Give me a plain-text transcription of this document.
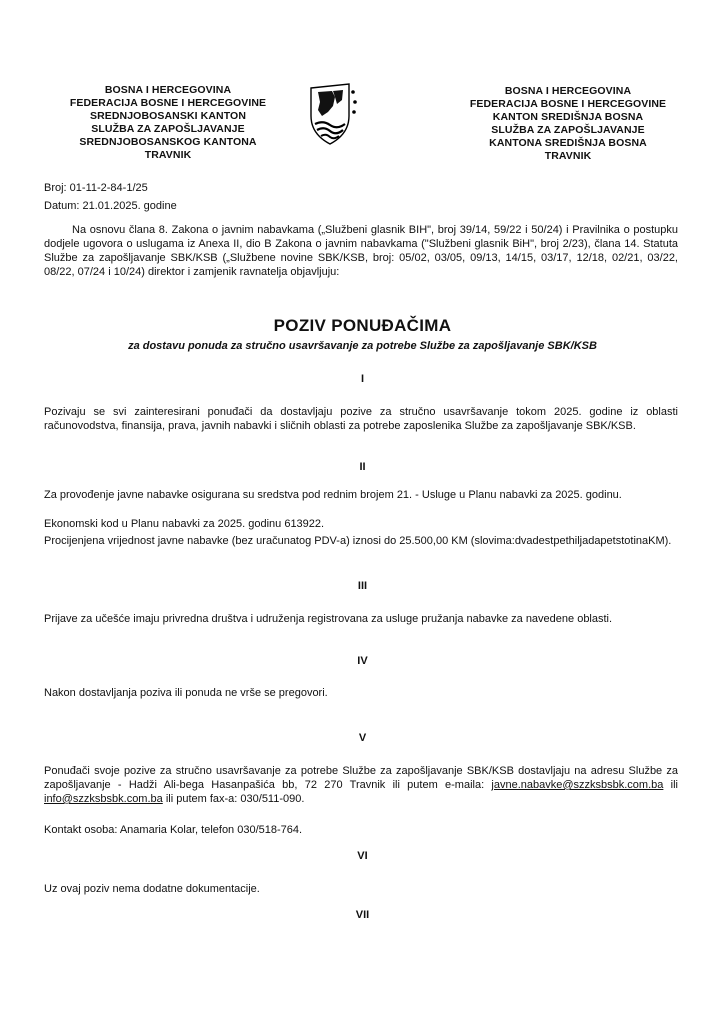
BOSNA I HERCEGOVINA
FEDERACIJA BOSNE I HERCEGOVINE
SREDNJOBOSANSKI KANTON
SLUŽBA ZA ZAPOŠLJAVANJE
SREDNJOBOSANSKOG KANTONA
TRAVNIK
BOSNA I HERCEGOVINA
FEDERACIJA BOSNE I HERCEGOVINE
KANTON SREDIŠNJA BOSNA
SLUŽBA ZA ZAPOŠLJAVANJE
KANTONA SREDIŠNJA BOSNA
TRAVNIK
Broj: 01-11-2-84-1/25
Datum: 21.01.2025. godine
Na osnovu člana 8. Zakona o javnim nabavkama („Službeni glasnik BIH", broj 39/14, 59/22 i 50/24) i Pravilnika o postupku dodjele ugovora o uslugama iz Anexa II, dio B Zakona o javnim nabavkama ("Službeni glasnik BiH", broj 2/23), člana 14. Statuta Službe za zapošljavanje SBK/KSB („Službene novine SBK/KSB, broj: 05/02, 03/05, 09/13, 14/15, 03/17, 12/18, 02/21, 03/22, 08/22, 07/24 i 10/24) direktor i zamjenik ravnatelja objavljuju:
POZIV PONUĐAČIMA
za dostavu ponuda za stručno usavršavanje za potrebe Službe za zapošljavanje SBK/KSB
I
Pozivaju se svi zainteresirani ponuđači da dostavljaju pozive za stručno usavršavanje tokom 2025. godine iz oblasti računovodstva, finansija, prava, javnih nabavki i sličnih oblasti za potrebe zaposlenika Službe za zapošljavanje SBK/KSB.
II
Za provođenje javne nabavke osigurana su sredstva pod rednim brojem 21. - Usluge u Planu nabavki za 2025. godinu.
Ekonomski kod u Planu nabavki za 2025. godinu 613922.
Procijenjena vrijednost javne nabavke (bez uračunatog PDV-a) iznosi do 25.500,00 KM (slovima:dvadestpethiljadapetstotinaKM).
III
Prijave za učešće imaju privredna društva i udruženja registrovana za usluge pružanja nabavke za navedene oblasti.
IV
Nakon dostavljanja poziva ili ponuda ne vrše se pregovori.
V
Ponuđači svoje pozive za stručno usavršavanje za potrebe Službe za zapošljavanje SBK/KSB dostavljaju na adresu Službe za zapošljavanje - Hadži Ali-bega Hasanpašića bb, 72 270 Travnik ili putem e-maila: javne.nabavke@szzksbsbk.com.ba ili info@szzksbsbk.com.ba ili putem fax-a: 030/511-090.
Kontakt osoba: Anamaria Kolar, telefon 030/518-764.
VI
Uz ovaj poziv nema dodatne dokumentacije.
VII
